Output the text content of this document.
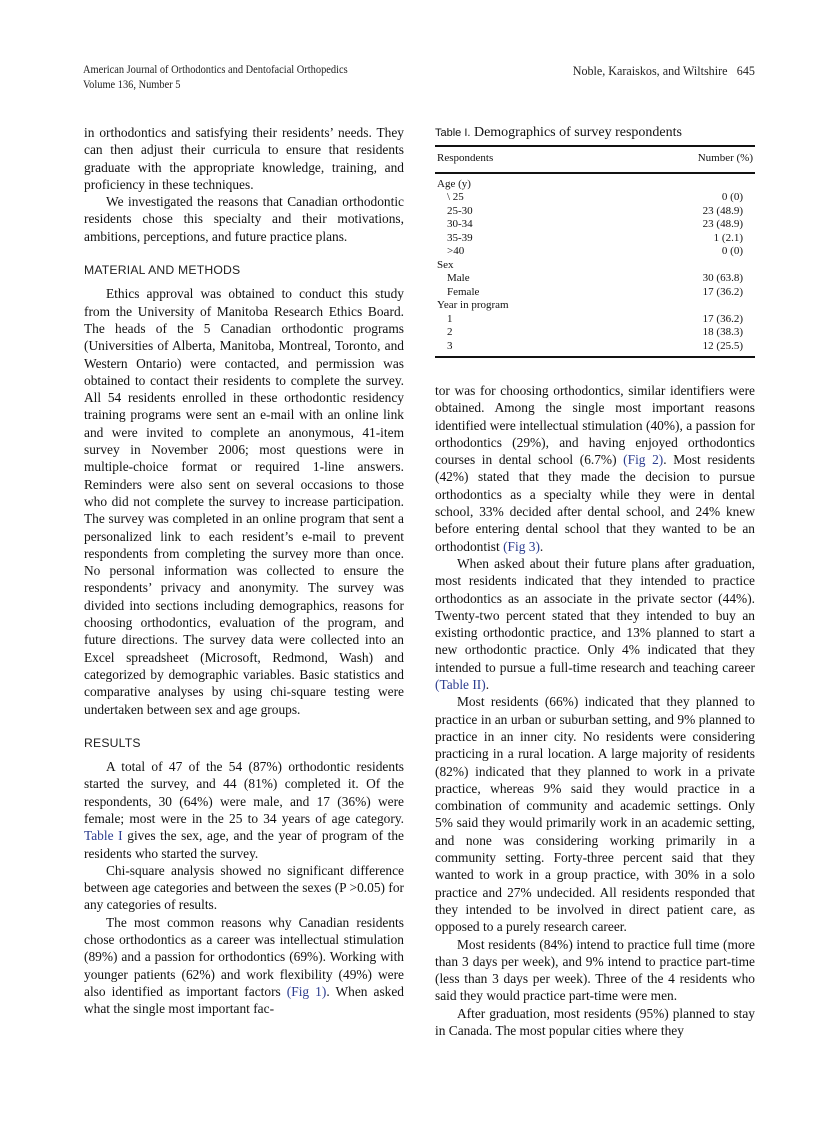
American Journal of Orthodontics and Dentofacial Orthopedics
Volume 136, Number 5
Noble, Karaiskos, and Wiltshire 645

in orthodontics and satisfying their residents’ needs. They can then adjust their curricula to ensure that residents graduate with the appropriate knowledge, training, and proficiency in these techniques.

We investigated the reasons that Canadian orthodontic residents chose this specialty and their motivations, ambitions, perceptions, and future practice plans.

MATERIAL AND METHODS

Ethics approval was obtained to conduct this study from the University of Manitoba Research Ethics Board. The heads of the 5 Canadian orthodontic programs (Universities of Alberta, Manitoba, Montreal, Toronto, and Western Ontario) were contacted, and permission was obtained to contact their residents to complete the survey. All 54 residents enrolled in these orthodontic residency training programs were sent an e-mail with an online link and were invited to complete an anonymous, 41-item survey in November 2006; most questions were in multiple-choice format or required 1-line answers. Reminders were also sent on several occasions to those who did not complete the survey to increase participation. The survey was completed in an online program that sent a personalized link to each resident’s e-mail to prevent respondents from completing the survey more than once. No personal information was collected to ensure the respondents’ privacy and anonymity. The survey was divided into sections including demographics, reasons for choosing orthodontics, evaluation of the program, and future directions. The survey data were collected into an Excel spreadsheet (Microsoft, Redmond, Wash) and categorized by demographic variables. Basic statistics and comparative analyses by using chi-square testing were undertaken between sex and age groups.

RESULTS

A total of 47 of the 54 (87%) orthodontic residents started the survey, and 44 (81%) completed it. Of the respondents, 30 (64%) were male, and 17 (36%) were female; most were in the 25 to 34 years of age category. Table I gives the sex, age, and the year of program of the residents who started the survey.

Chi-square analysis showed no significant difference between age categories and between the sexes (P >0.05) for any categories of results.

The most common reasons why Canadian residents chose orthodontics as a career was intellectual stimulation (89%) and a passion for orthodontics (69%). Working with younger patients (62%) and work flexibility (49%) were also identified as important factors (Fig 1). When asked what the single most important fac-

Table I. Demographics of survey respondents
Respondents	Number (%)

Age (y)	
\ 25	0 (0)
25-30	23 (48.9)
30-34	23 (48.9)
35-39	1 (2.1)
>40	0 (0)
Sex	
Male	30 (63.8)
Female	17 (36.2)
Year in program	
1	17 (36.2)
2	18 (38.3)
3	12 (25.5)

tor was for choosing orthodontics, similar identifiers were obtained. Among the single most important reasons identified were intellectual stimulation (40%), a passion for orthodontics (29%), and having enjoyed orthodontics courses in dental school (6.7%) (Fig 2). Most residents (42%) stated that they made the decision to pursue orthodontics as a specialty while they were in dental school, 33% decided after dental school, and 24% knew before entering dental school that they wanted to be an orthodontist (Fig 3).

When asked about their future plans after graduation, most residents indicated that they intended to practice orthodontics as an associate in the private sector (44%). Twenty-two percent stated that they intended to buy an existing orthodontic practice, and 13% planned to start a new orthodontic practice. Only 4% indicated that they intended to pursue a full-time research and teaching career (Table II).

Most residents (66%) indicated that they planned to practice in an urban or suburban setting, and 9% planned to practice in an inner city. No residents were considering practicing in a rural location. A large majority of residents (82%) indicated that they planned to work in a private practice, whereas 9% said they would practice in a combination of community and academic settings. Only 5% said they would primarily work in an academic setting, and none was considering working primarily in a community setting. Forty-three percent said that they wanted to work in a group practice, with 30% in a solo practice and 27% undecided. All residents responded that they intended to be involved in direct patient care, as opposed to a purely research career.

Most residents (84%) intend to practice full time (more than 3 days per week), and 9% intend to practice part-time (less than 3 days per week). Three of the 4 residents who said they would practice part-time were men.

After graduation, most residents (95%) planned to stay in Canada. The most popular cities where they
